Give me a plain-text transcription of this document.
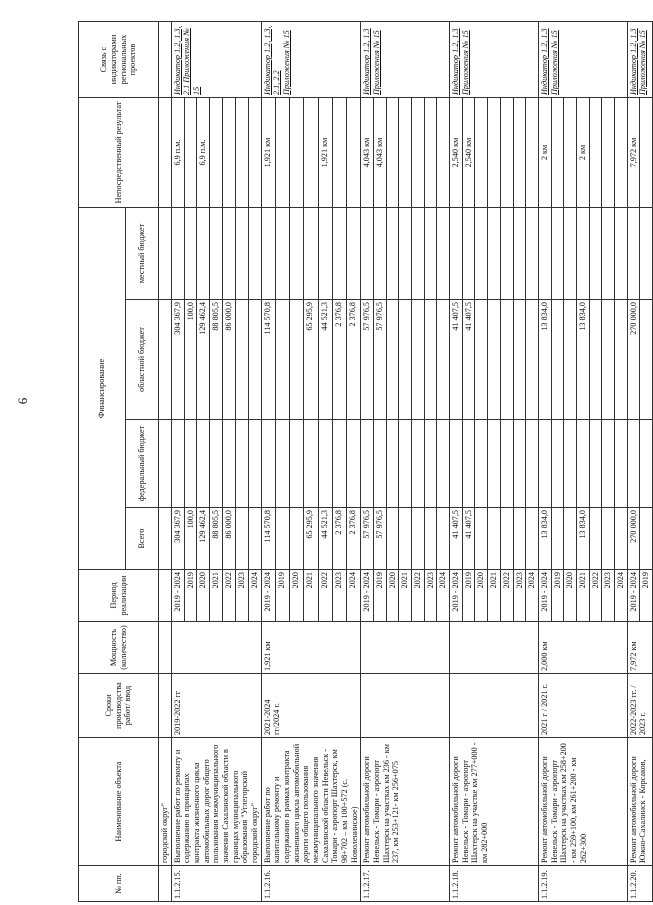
6
№ пп.	Наименование объекта	Сроки производства работ/ ввод	Мощность (количество)	Период реализации	Финансирование				Непосредственный результат	Связь с индикаторами региональных проектов
					Всего	федеральный бюджет	областной бюджет	местный бюджет		
	городской округ"									
1.1.2.15.	Выполнение работ по ремонту и содержанию в принципах контракта жизненного цикла автомобильных дорог общего пользования межмуниципального значения Сахалинской области в границах муниципального образования "Углегорский городской округ"	2019-2022 гг		2019 - 2024	304 367,9		304 367,9		6,9 п.м.	Индикатор 1.2, 1.3, 2.1 Приложения № 15
				2019	100,0		100,0			
				2020	129 462,4		129 462,4		6,9 п.м.	
				2021	88 805,5		88 805,5			
				2022	86 000,0		86 000,0			
				2023						
				2024						
1.1.2.16.	Выполнение работ по капитальному ремонту и содержанию в рамках контракта жизненного цикла автомобильной дороги общего пользования межмуниципального значения Сахалинской области Невельск - Томари - аэропорт Шахтерск, км 98+702 – км 100+572 (с. Новоленинское)	2021-2024 гг/2024 г.	1,921 км	2019 - 2024	114 570,8		114 570,8		1,921 км	Индикатор 1.2, 1.3, 2.1, 2.2 Приложения № 15
				2019						
				2020						
				2021	65 295,9		65 295,9			
				2022	44 521,3		44 521,3		1,921 км	
				2023	2 376,8		2 376,8			
				2024	2 376,8		2 376,8			
1.1.2.17.	Ремонт автомобильной дороги Невельск - Томари - аэропорт Шахтерск на участках км 236 - км 237, км 253+121- км 256+075			2019 - 2024	57 976,5		57 976,5		4,043 км	Индикатор 1.2, 1.3 Приложения № 15
				2019	57 976,5		57 976,5		4,043 км	
				2020						
				2021						
				2022						
				2023						
				2024						
1.1.2.18.	Ремонт автомобильной дороги Невельск - Томари - аэропорт Шахтерск на участке км 277+000 - км 282+000			2019 - 2024	41 407,5		41 407,5		2,540 км	Индикатор 1.2, 1.3 Приложения № 15
				2019	41 407,5		41 407,5		2,540 км	
				2020						
				2021						
				2022						
				2023						
				2024						
1.1.2.19.	Ремонт автомобильной дороги Невельск - Томари - аэропорт Шахтерск на участках км 258+200 - км 259+100, км 261+200 - км 262+300	2021 г / 2021 г.	2,000 км	2019 - 2024	13 834,0		13 834,0		2 км	Индикатор 1.2, 1.3 Приложения № 15
				2019						
				2020						
				2021	13 834,0		13 834,0		2 км	
				2022						
				2023						
				2024						
1.1.2.20.	Ремонт автомобильной дороги Южно-Сахалинск - Корсаков,	2022-2023 гг. / 2023 г.	7,972 км	2019 - 2024	270 000,0		270 000,0		7,972 км	Индикатор 1.2, 1.3 Приложения № 15
				2019						
